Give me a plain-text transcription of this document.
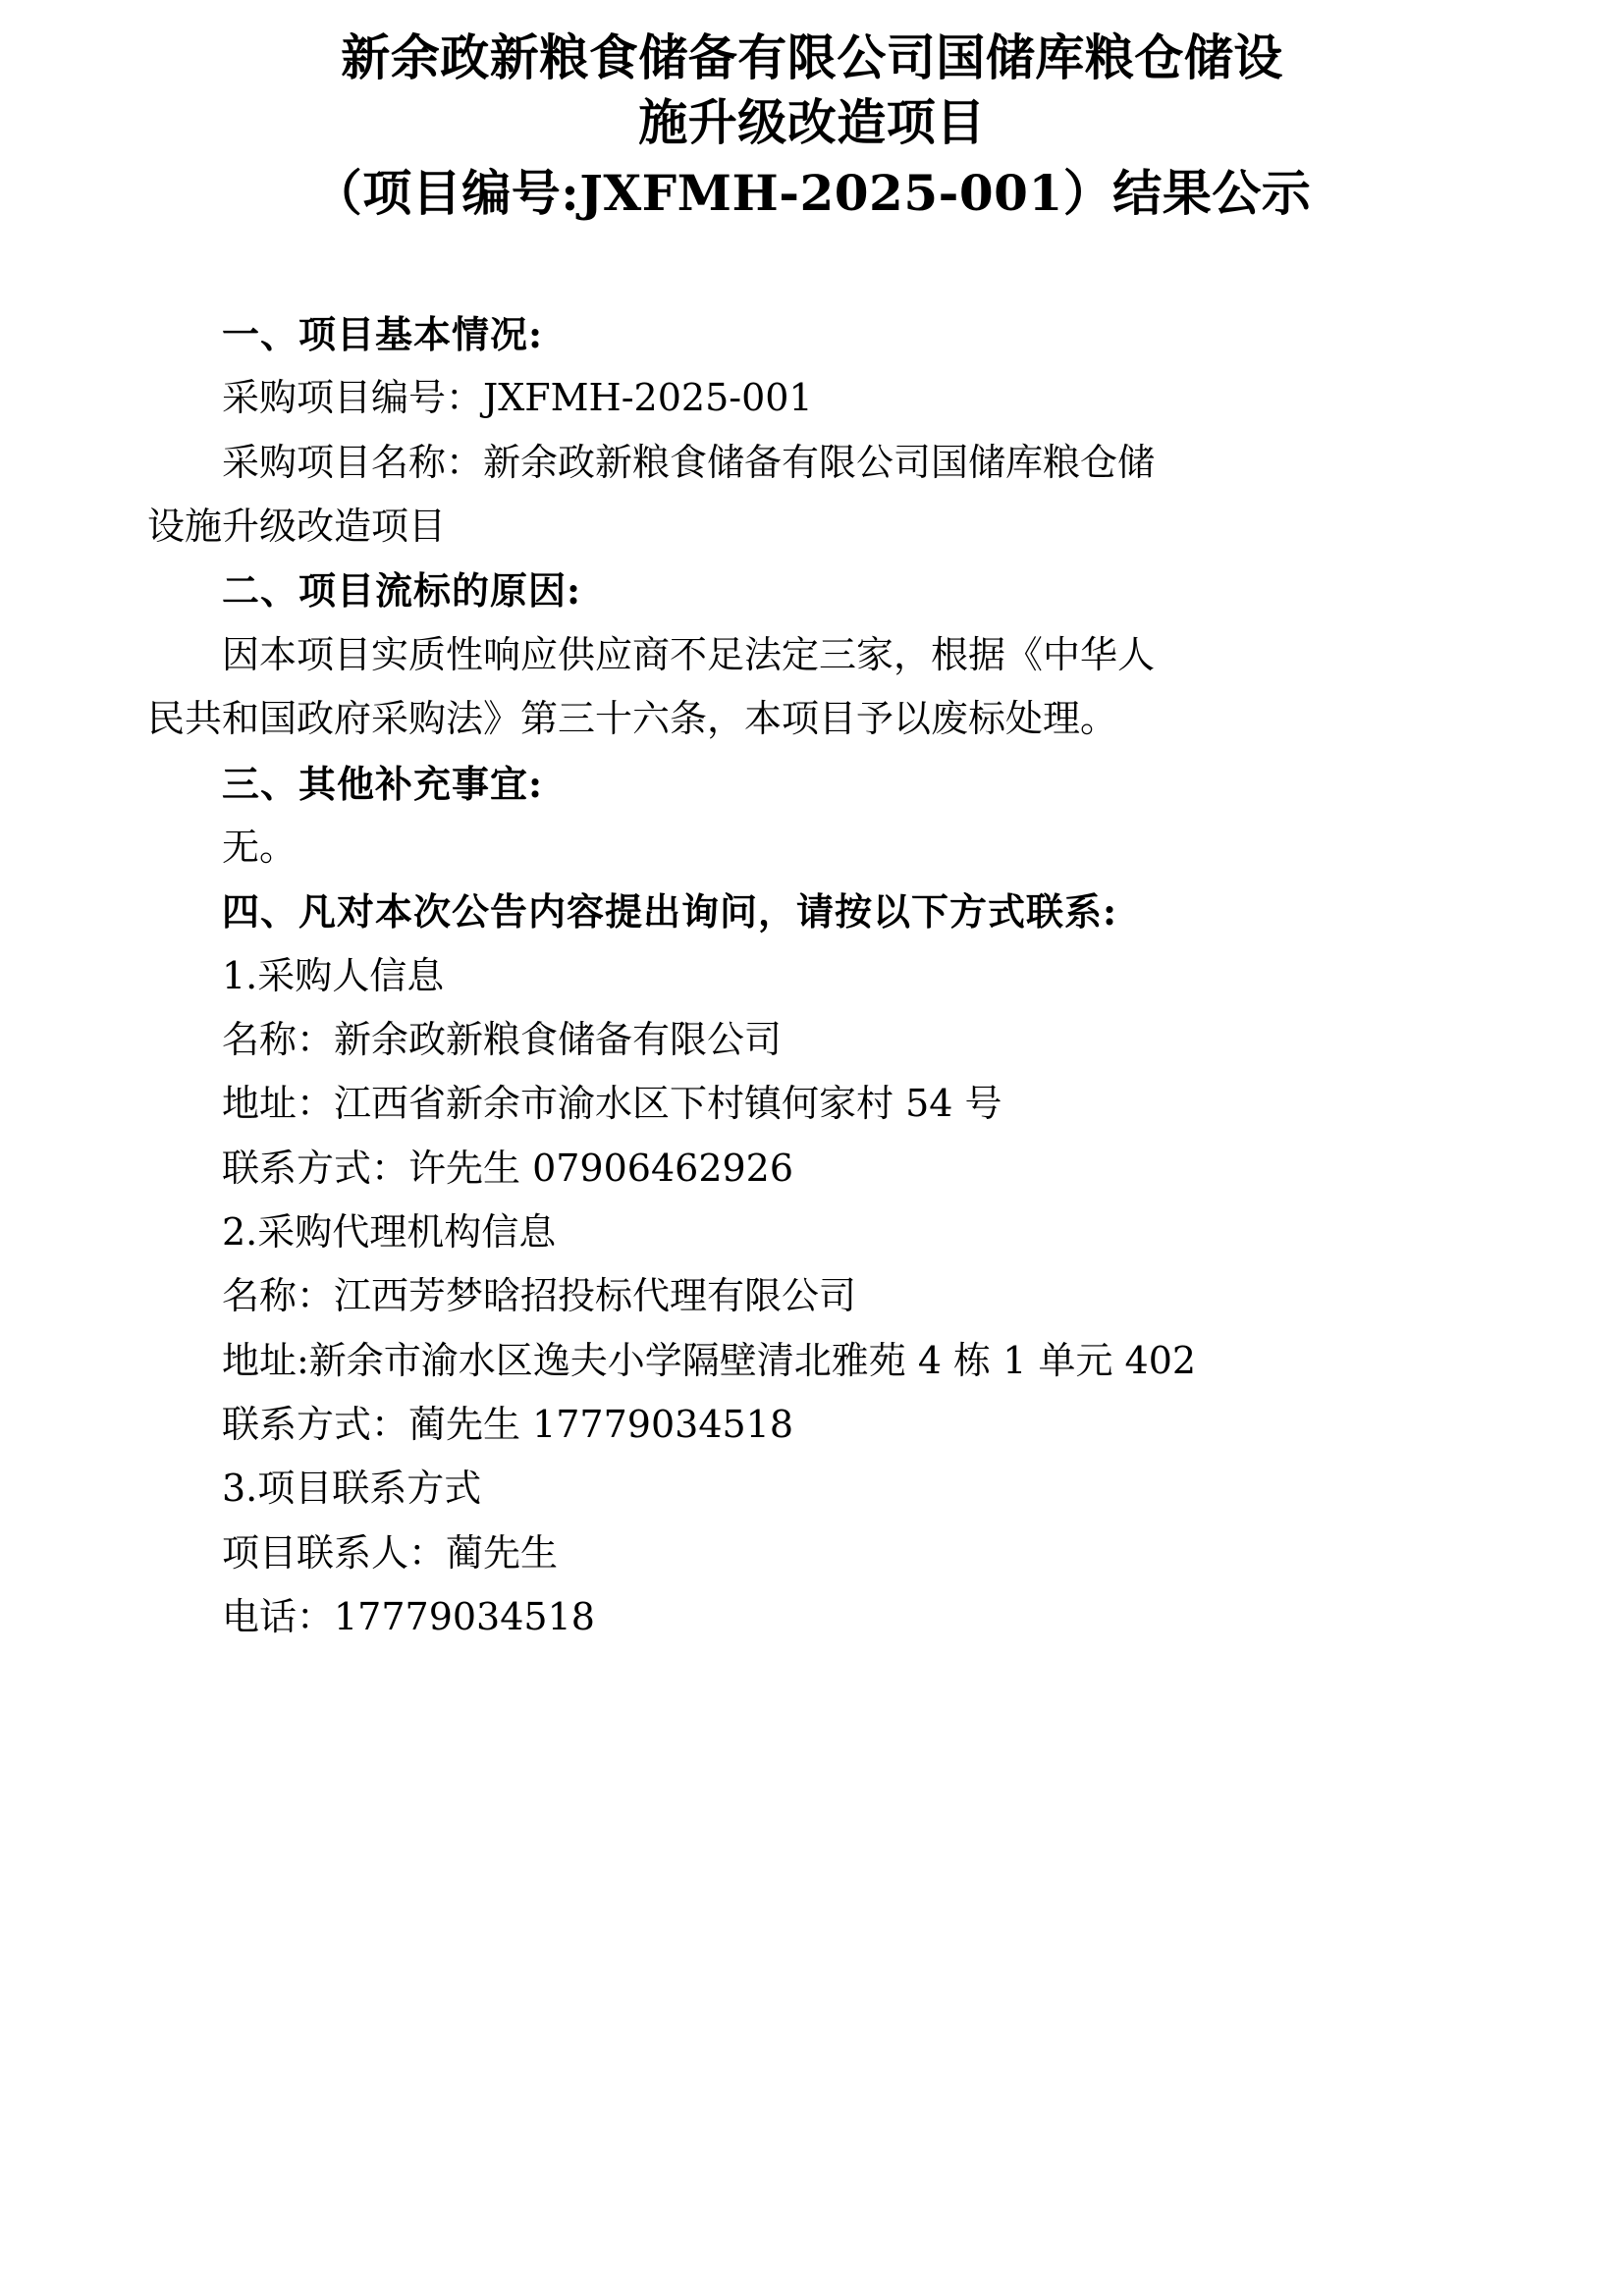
新余政新粮食储备有限公司国储库粮仓储设
施升级改造项目
（项目编号:JXFMH-2025-001）结果公示

一、项目基本情况:

采购项目编号：JXFMH-2025-001

采购项目名称：新余政新粮食储备有限公司国储库粮仓储

设施升级改造项目

二、项目流标的原因:

因本项目实质性响应供应商不足法定三家，根据《中华人

民共和国政府采购法》第三十六条，本项目予以废标处理。

三、其他补充事宜:

无。

四、凡对本次公告内容提出询问，请按以下方式联系:

1.采购人信息

名称：新余政新粮食储备有限公司

地址：江西省新余市渝水区下村镇何家村 54 号

联系方式：许先生 07906462926

2.采购代理机构信息

名称：江西芳梦晗招投标代理有限公司

地址:新余市渝水区逸夫小学隔壁清北雅苑 4 栋 1 单元 402

联系方式：蔺先生 17779034518

3.项目联系方式

项目联系人：蔺先生

电话：17779034518
